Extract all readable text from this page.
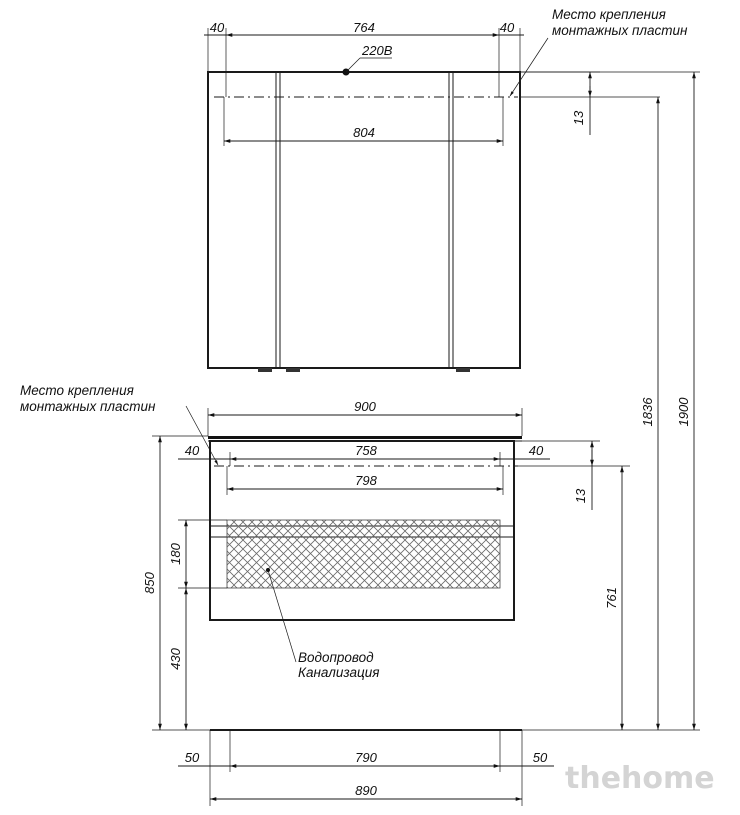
40	764	40
220В
Место крепления
монтажных пластин
804
13
Место крепления
монтажных пластин	900
40	758	40
798
13
180
430
850
761
1836 1900
Водопровод
Канализация
50	790	50
890	thehome
